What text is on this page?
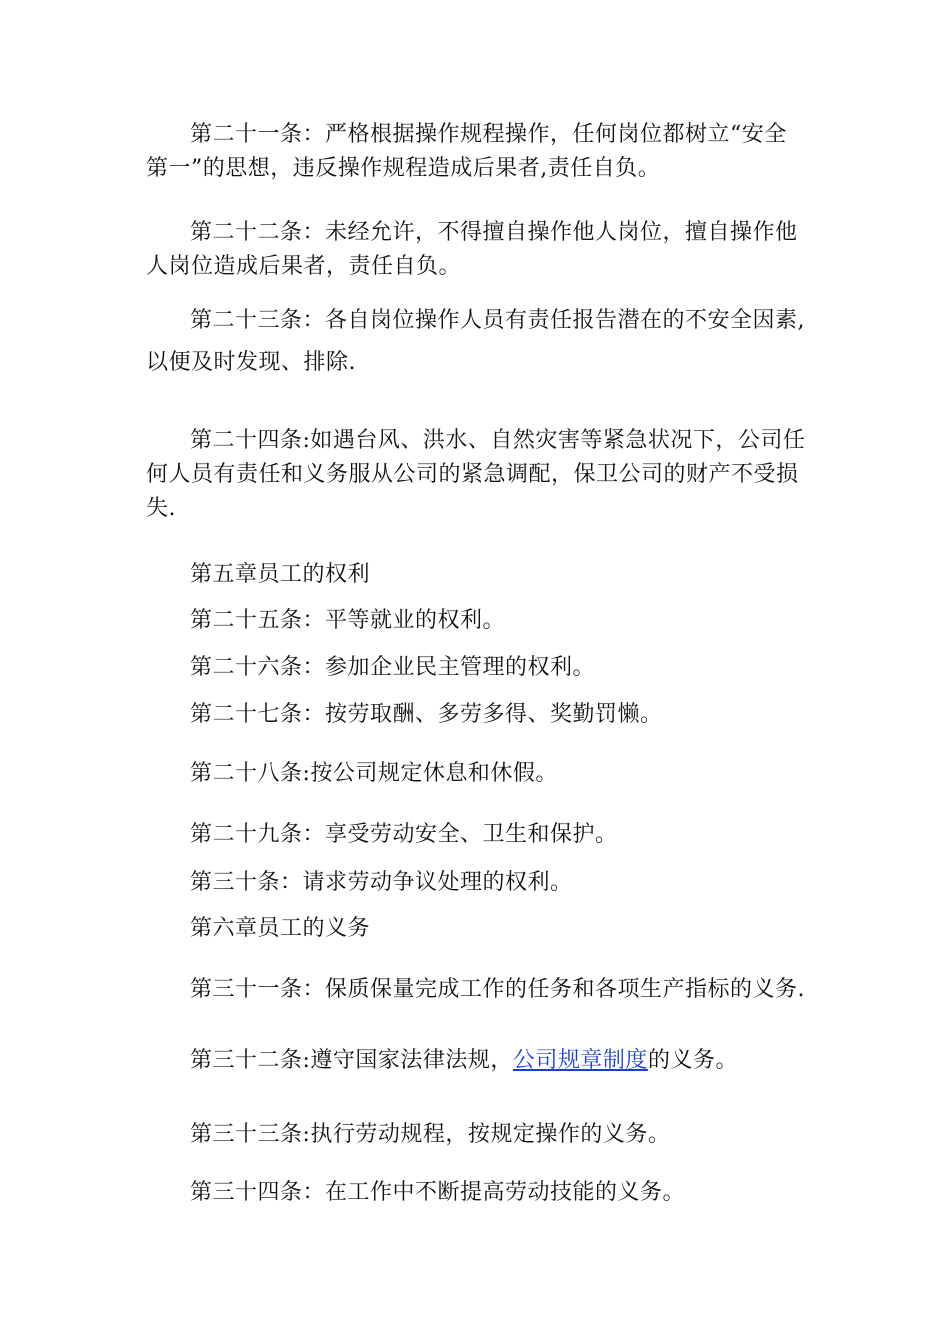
第二十一条：严格根据操作规程操作，任何岗位都树立“安全第一”的思想，违反操作规程造成后果者,责任自负。

第二十二条：未经允许，不得擅自操作他人岗位，擅自操作他人岗位造成后果者，责任自负。

第二十三条：各自岗位操作人员有责任报告潜在的不安全因素,以便及时发现、排除.

第二十四条:如遇台风、洪水、自然灾害等紧急状况下，公司任何人员有责任和义务服从公司的紧急调配，保卫公司的财产不受损失.

第五章员工的权利

第二十五条：平等就业的权利。

第二十六条：参加企业民主管理的权利。

第二十七条：按劳取酬、多劳多得、奖勤罚懒。

第二十八条:按公司规定休息和休假。

第二十九条：享受劳动安全、卫生和保护。

第三十条：请求劳动争议处理的权利。

第六章员工的义务

第三十一条：保质保量完成工作的任务和各项生产指标的义务.

第三十二条:遵守国家法律法规，公司规章制度的义务。

第三十三条:执行劳动规程，按规定操作的义务。

第三十四条：在工作中不断提高劳动技能的义务。
